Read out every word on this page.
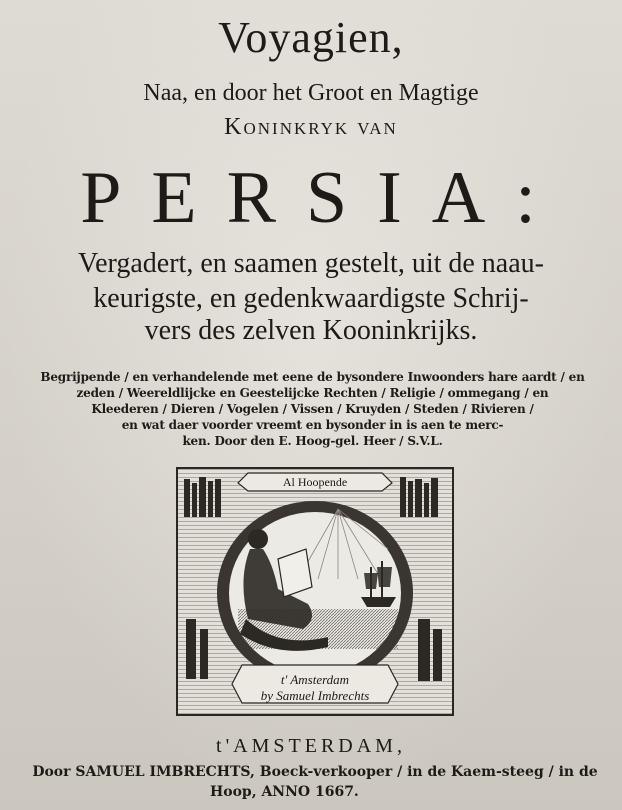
Voyagien,
Naa, en door het Groot en Magtige
Koninkryk van
PERSIA:
Vergadert, en saamen gestelt, uit de naau-
keurigste, en gedenkwaardigste Schrij-
vers des zelven Kooninkrijks.
Begrijpende / en verhandelende met eene de bysondere Inwoonders hare aardt / en
zeden / Weereldlijcke en Geestelijcke Rechten / Religie / ommegang / en
Kleederen / Dieren / Vogelen / Vissen / Kruyden / Steden / Rivieren /
en wat daer voorder vreemt en bysonder in is aen te merc-
ken. Door den E. Hoog-gel. Heer / S.V.L.
Al Hoopende
t' Amsterdam
by Samuel Imbrechts
t'AMSTERDAM,
Door SAMUEL IMBRECHTS, Boeck-verkooper / in de Kaem-steeg / in de
Hoop, ANNO 1667.
